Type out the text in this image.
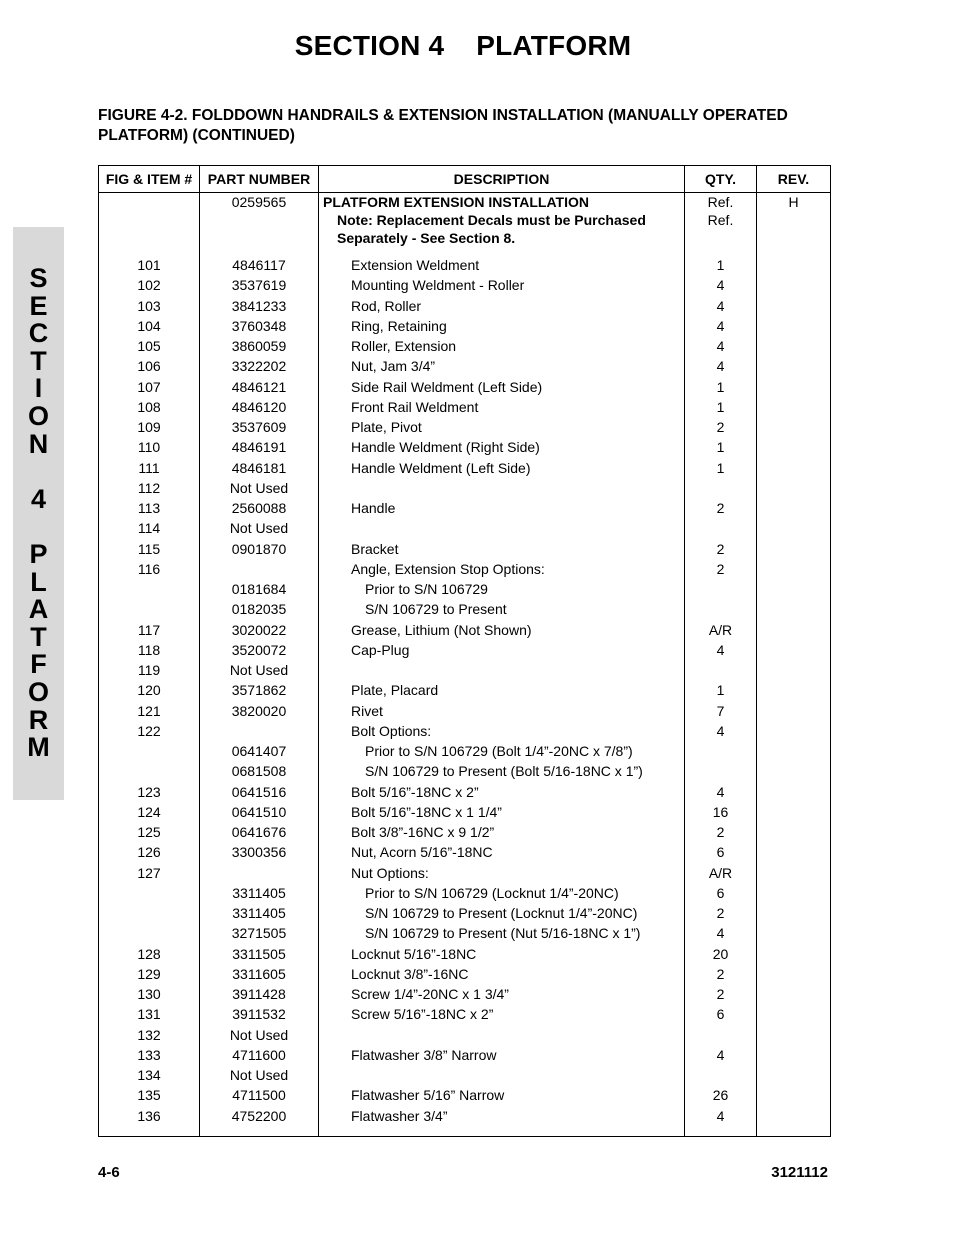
SECTION 4    PLATFORM
FIGURE 4-2. FOLDDOWN HANDRAILS & EXTENSION INSTALLATION (MANUALLY OPERATED PLATFORM) (CONTINUED)
S
E
C
T
I
O
N
4
P
L
A
T
F
O
R
M
FIG & ITEM #	PART NUMBER	DESCRIPTION	QTY.	REV.
	0259565	PLATFORM EXTENSION INSTALLATION	Ref.	H
		Note: Replacement Decals must be Purchased	Ref.	
		Separately - See Section 8.		

101	4846117	Extension Weldment	1	
102	3537619	Mounting Weldment - Roller	4	
103	3841233	Rod, Roller	4	
104	3760348	Ring, Retaining	4	
105	3860059	Roller, Extension	4	
106	3322202	Nut, Jam 3/4”	4	
107	4846121	Side Rail Weldment (Left Side)	1	
108	4846120	Front Rail Weldment	1	
109	3537609	Plate, Pivot	2	
110	4846191	Handle Weldment (Right Side)	1	
111	4846181	Handle Weldment (Left Side)	1	
112	Not Used			
113	2560088	Handle	2	
114	Not Used			
115	0901870	Bracket	2	
116		Angle, Extension Stop Options:	2	
	0181684	Prior to S/N 106729		
	0182035	S/N 106729 to Present		
117	3020022	Grease, Lithium (Not Shown)	A/R	
118	3520072	Cap-Plug	4	
119	Not Used			
120	3571862	Plate, Placard	1	
121	3820020	Rivet	7	
122		Bolt Options:	4	
	0641407	Prior to S/N 106729 (Bolt 1/4”-20NC x 7/8”)		
	0681508	S/N 106729 to Present (Bolt 5/16-18NC x 1”)		
123	0641516	Bolt 5/16”-18NC x 2”	4	
124	0641510	Bolt 5/16”-18NC x 1 1/4”	16	
125	0641676	Bolt 3/8”-16NC x 9 1/2”	2	
126	3300356	Nut, Acorn 5/16”-18NC	6	
127		Nut Options:	A/R	
	3311405	Prior to S/N 106729 (Locknut 1/4”-20NC)	6	
	3311405	S/N 106729 to Present (Locknut 1/4”-20NC)	2	
	3271505	S/N 106729 to Present (Nut 5/16-18NC x 1”)	4	
128	3311505	Locknut 5/16”-18NC	20	
129	3311605	Locknut 3/8”-16NC	2	
130	3911428	Screw 1/4”-20NC x 1 3/4”	2	
131	3911532	Screw 5/16”-18NC x 2”	6	
132	Not Used			
133	4711600	Flatwasher 3/8” Narrow	4	
134	Not Used			
135	4711500	Flatwasher 5/16” Narrow	26	
136	4752200	Flatwasher 3/4”	4	

4-6	3121112
